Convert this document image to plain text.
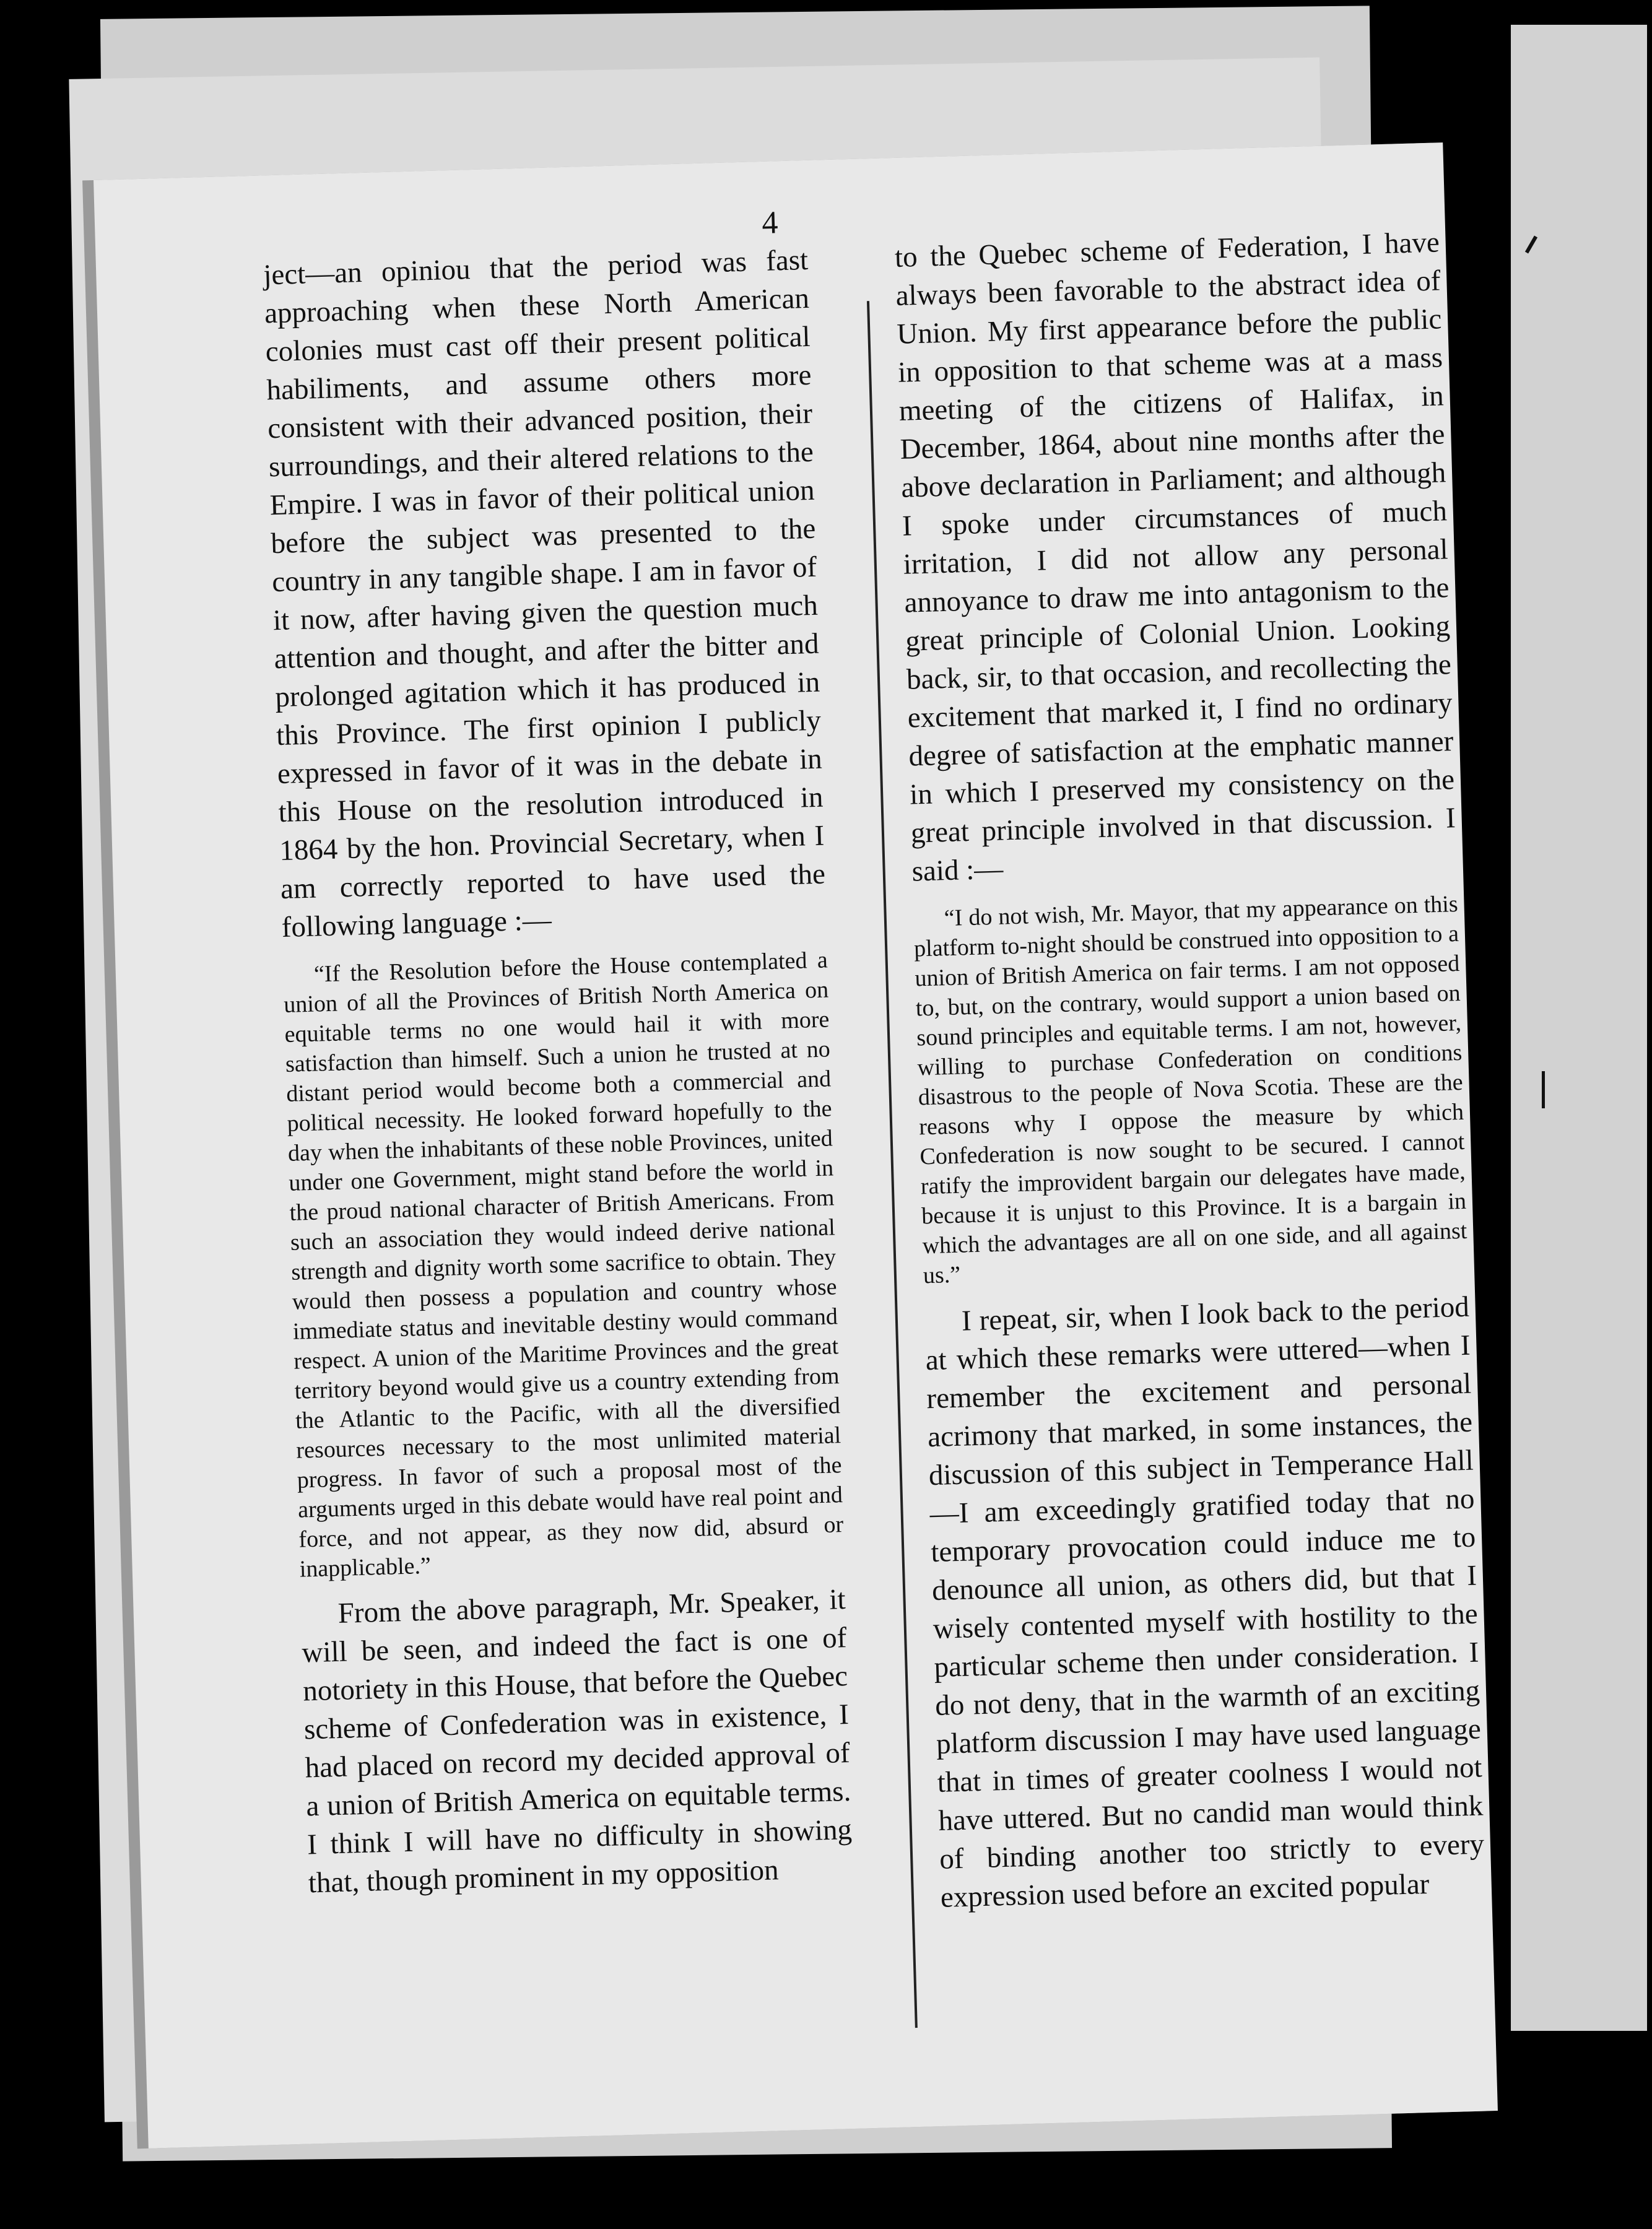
4

ject—an opiniou that the period was fast approaching when these North American colonies must cast off their present political habiliments, and assume others more consistent with their advanced position, their surroundings, and their altered relations to the Empire. I was in favor of their political union before the subject was presented to the country in any tangible shape. I am in favor of it now, after having given the question much attention and thought, and after the bitter and prolonged agitation which it has produced in this Province. The first opinion I publicly expressed in favor of it was in the debate in this House on the resolution introduced in 1864 by the hon. Provincial Secretary, when I am correctly reported to have used the following language :—

“If the Resolution before the House contemplated a union of all the Provinces of British North America on equitable terms no one would hail it with more satisfaction than himself. Such a union he trusted at no distant period would become both a commercial and political necessity. He looked forward hopefully to the day when the inhabitants of these noble Provinces, united under one Government, might stand before the world in the proud national character of British Americans. From such an association they would indeed derive national strength and dignity worth some sacrifice to obtain. They would then possess a population and country whose immediate status and inevitable destiny would command respect. A union of the Maritime Provinces and the great territory beyond would give us a country extending from the Atlantic to the Pacific, with all the diversified resources necessary to the most unlimited material progress. In favor of such a proposal most of the arguments urged in this debate would have real point and force, and not appear, as they now did, absurd or inapplicable.”

From the above paragraph, Mr. Speaker, it will be seen, and indeed the fact is one of notoriety in this House, that before the Quebec scheme of Confederation was in existence, I had placed on record my decided approval of a union of British America on equitable terms. I think I will have no difficulty in showing that, though prominent in my opposition

to the Quebec scheme of Federation, I have always been favorable to the abstract idea of Union. My first appearance before the public in opposition to that scheme was at a mass meeting of the citizens of Halifax, in December, 1864, about nine months after the above declaration in Parliament; and although I spoke under circumstances of much irritation, I did not allow any personal annoyance to draw me into antagonism to the great principle of Colonial Union. Looking back, sir, to that occasion, and recollecting the excitement that marked it, I find no ordinary degree of satisfaction at the emphatic manner in which I preserved my consistency on the great principle involved in that discussion. I said :—

“I do not wish, Mr. Mayor, that my appearance on this platform to-night should be construed into opposition to a union of British America on fair terms. I am not opposed to, but, on the contrary, would support a union based on sound principles and equitable terms. I am not, however, willing to purchase Confederation on conditions disastrous to the people of Nova Scotia. These are the reasons why I oppose the measure by which Confederation is now sought to be secured. I cannot ratify the improvident bargain our delegates have made, because it is unjust to this Province. It is a bargain in which the advantages are all on one side, and all against us.”

I repeat, sir, when I look back to the period at which these remarks were uttered—when I remember the excitement and personal acrimony that marked, in some instances, the discussion of this subject in Temperance Hall—I am exceedingly gratified today that no temporary provocation could induce me to denounce all union, as others did, but that I wisely contented myself with hostility to the particular scheme then under consideration. I do not deny, that in the warmth of an exciting platform discussion I may have used language that in times of greater coolness I would not have uttered. But no candid man would think of binding another too strictly to every expression used before an excited popular
